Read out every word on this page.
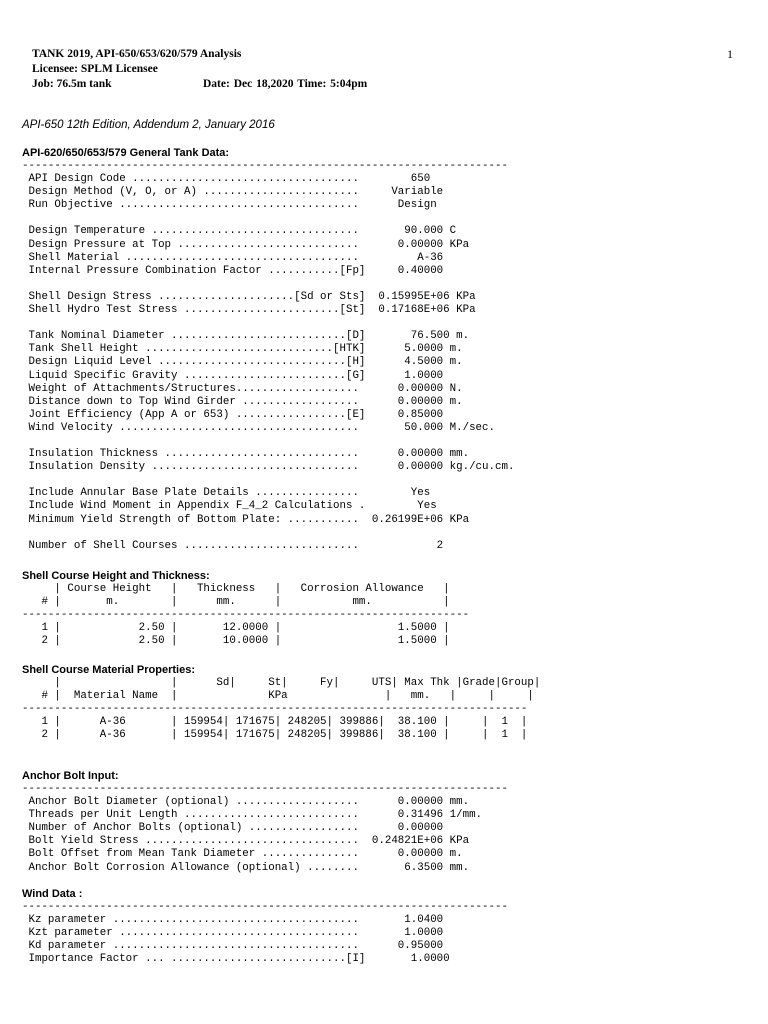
TANK 2019, API-650/653/620/579 Analysis
Licensee: SPLM Licensee
Job: 76.5m tank	Date: Dec 18,2020 Time: 5:04pm
1
API-650 12th Edition, Addendum 2, January 2016
API-620/650/653/579 General Tank Data:
---------------------------------------------------------------------------
API Design Code ...................................        650
Design Method (V, O, or A) ........................     Variable
Run Objective .....................................      Design
Design Temperature ................................       90.000 C
Design Pressure at Top ............................      0.00000 KPa
Shell Material ....................................         A-36
Internal Pressure Combination Factor ...........[Fp]     0.40000
Shell Design Stress .....................[Sd or Sts]  0.15995E+06 KPa
Shell Hydro Test Stress ........................[St]  0.17168E+06 KPa
Tank Nominal Diameter ...........................[D]       76.500 m.
Tank Shell Height .............................[HTK]      5.0000 m.
Design Liquid Level .............................[H]      4.5000 m.
Liquid Specific Gravity .........................[G]      1.0000
Weight of Attachments/Structures...................      0.00000 N.
Distance down to Top Wind Girder ..................      0.00000 m.
Joint Efficiency (App A or 653) .................[E]     0.85000
Wind Velocity .....................................       50.000 M./sec.
Insulation Thickness ..............................      0.00000 mm.
Insulation Density ................................      0.00000 kg./cu.cm.
Include Annular Base Plate Details ................        Yes
Include Wind Moment in Appendix F_4_2 Calculations .        Yes
Minimum Yield Strength of Bottom Plate: ...........  0.26199E+06 KPa
Number of Shell Courses ...........................            2
Shell Course Height and Thickness:
| Course Height   |   Thickness   |   Corrosion Allowance   |
# |       m.        |      mm.      |           mm.           |
---------------------------------------------------------------------
1 |            2.50 |       12.0000 |                  1.5000 |
2 |            2.50 |       10.0000 |                  1.5000 |
Shell Course Material Properties:
|                 |      Sd|     St|     Fy|     UTS| Max Thk |Grade|Group|
# |  Material Name  |              KPa               |   mm.   |     |     |
------------------------------------------------------------------------------
1 |      A-36       | 159954| 171675| 248205| 399886|  38.100 |     |  1  |
2 |      A-36       | 159954| 171675| 248205| 399886|  38.100 |     |  1  |
Anchor Bolt Input:
---------------------------------------------------------------------------
Anchor Bolt Diameter (optional) ...................      0.00000 mm.
Threads per Unit Length ...........................      0.31496 1/mm.
Number of Anchor Bolts (optional) .................      0.00000
Bolt Yield Stress .................................  0.24821E+06 KPa
Bolt Offset from Mean Tank Diameter ...............      0.00000 m.
Anchor Bolt Corrosion Allowance (optional) ........       6.3500 mm.
Wind Data :
---------------------------------------------------------------------------
Kz parameter ......................................       1.0400
Kzt parameter .....................................       1.0000
Kd parameter ......................................      0.95000
Importance Factor ... ...........................[I]       1.0000
